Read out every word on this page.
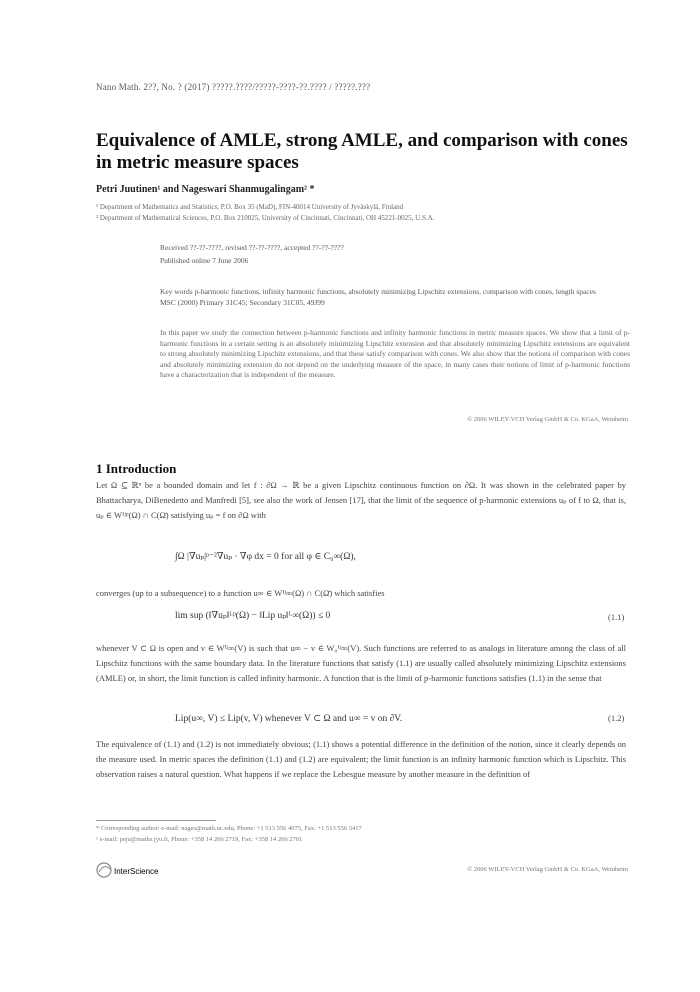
Nano Math. 2??, No. ? (2017) ?????.????/?????-????-??.???? / ?????.???
Equivalence of AMLE, strong AMLE, and comparison with cones in metric measure spaces
Petri Juutinen¹ and Nageswari Shanmugalingam² *
¹ Department of Mathematics and Statistics, P.O. Box 35 (MaD), FIN-40014 University of Jyväskylä, Finland
² Department of Mathematical Sciences, P.O. Box 210025, University of Cincinnati, Cincinnati, OH 45221-0025, U.S.A.
Received ??-??-????, revised ??-??-????, accepted ??-??-????
Published online 7 June 2006
Key words p-harmonic functions, infinity harmonic functions, absolutely minimizing Lipschitz extensions, comparison with cones, length spaces
MSC (2000) Primary 31C45; Secondary 31C05, 49J99
In this paper we study the connection between p-harmonic functions and infinity harmonic functions in metric measure spaces. We show that a limit of p-harmonic functions in a certain setting is an absolutely minimizing Lipschitz extension and that absolutely minimizing Lipschitz extensions are equivalent to strong absolutely minimizing Lipschitz extensions, and that these satisfy comparison with cones. We also show that the notions of comparison with cones and absolutely minimizing extension do not depend on the underlying measure of the space, in many cases their notions of limit of p-harmonic functions have a characterization that is independent of the measure.
© 2006 WILEY-VCH Verlag GmbH & Co. KGaA, Weinheim
1 Introduction
Let Ω ⊆ ℝⁿ be a bounded domain and let f : ∂Ω → ℝ be a given Lipschitz continuous function on ∂Ω. It was shown in the celebrated paper by Bhattacharya, DiBenedetto and Manfredi [5], see also the work of Jensen [17], that the limit of the sequence of p-harmonic extensions uₚ of f to Ω, that is, uₚ ∈ W¹ʲᵖ(Ω) ∩ C(Ω̄) satisfying uₚ = f on ∂Ω with
∫Ω |∇uₚ|ᵖ⁻²∇uₚ · ∇φ dx = 0 for all φ ∈ C₀∞(Ω),
converges (up to a subsequence) to a function u∞ ∈ W¹ʲ∞(Ω) ∩ C(Ω̄) which satisfies
lim sup (‖∇uₚ‖ᴸᵖ(Ω) − ‖Lip uₚ‖ᴸ∞(Ω)) ≤ 0	(1.1)
whenever V ⊂ Ω is open and v ∈ W¹ʲ∞(V) is such that u∞ − v ∈ W₀¹ʲ∞(V). Such functions are referred to as analogs in literature among the class of all Lipschitz functions with the same boundary data. In the literature functions that satisfy (1.1) are usually called absolutely minimizing Lipschitz extensions (AMLE) or, in short, the limit function is called infinity harmonic. A function that is the limit of p-harmonic functions satisfies (1.1) in the sense that
Lip(u∞, V) ≤ Lip(v, V) whenever V ⊂ Ω and u∞ = v on ∂V.	(1.2)
The equivalence of (1.1) and (1.2) is not immediately obvious; (1.1) shows a potential difference in the definition of the notion, since it clearly depends on the measure used. In metric spaces the definition (1.1) and (1.2) are equivalent; the limit function is an infinity harmonic function which is Lipschitz. This observation raises a natural question. What happens if we replace the Lebesgue measure by another measure in the definition of
* Corresponding author: e-mail: nages@math.uc.edu, Phone: +1 513 556 4075, Fax: +1 513 556 3417
¹ e-mail: peju@maths.jyu.fi, Phone: +358 14 260 2719, Fax: +358 14 260 2701
InterScience	© 2006 WILEY-VCH Verlag GmbH & Co. KGaA, Weinheim
